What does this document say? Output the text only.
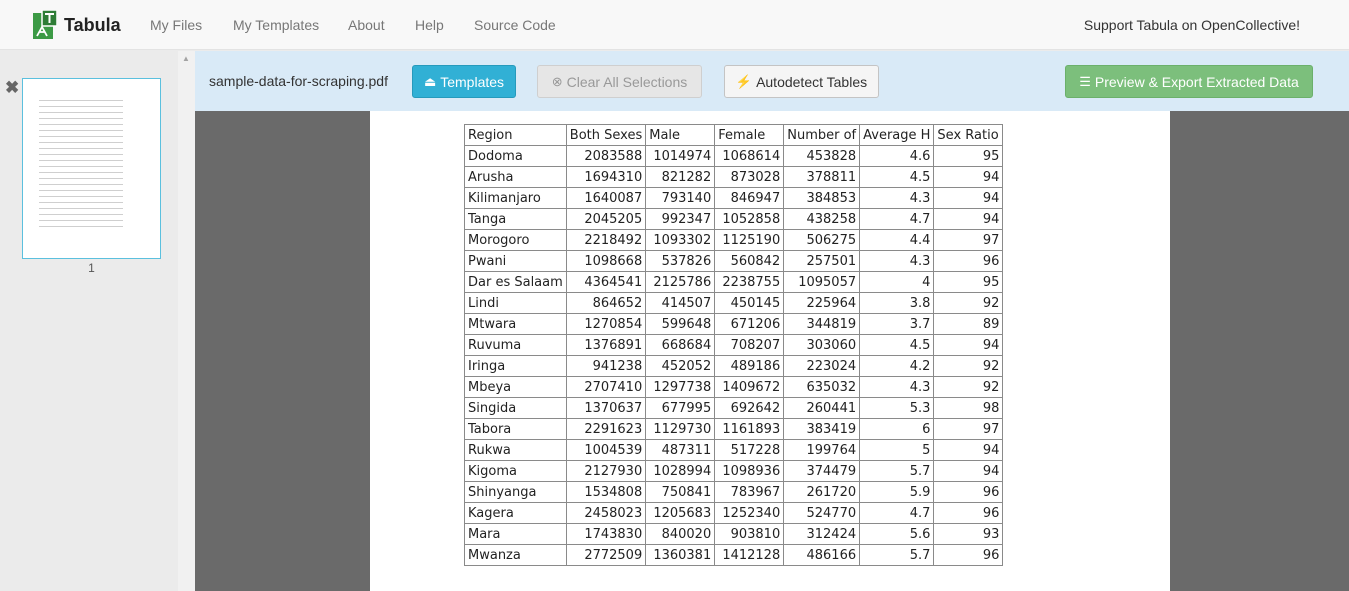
Tabula My Files My Templates About Help Source Code	Support Tabula on OpenCollective!
✖
1
▲
sample-data-for-scraping.pdf	⏏ Templates	⊗ Clear All Selections	⚡ Autodetect Tables	☰ Preview & Export Extracted Data
Region	Both Sexes	Male	Female	Number of	Average H	Sex Ratio
Dodoma	2083588	1014974	1068614	453828	4.6	95
Arusha	1694310	821282	873028	378811	4.5	94
Kilimanjaro	1640087	793140	846947	384853	4.3	94
Tanga	2045205	992347	1052858	438258	4.7	94
Morogoro	2218492	1093302	1125190	506275	4.4	97
Pwani	1098668	537826	560842	257501	4.3	96
Dar es Salaam	4364541	2125786	2238755	1095057	4	95
Lindi	864652	414507	450145	225964	3.8	92
Mtwara	1270854	599648	671206	344819	3.7	89
Ruvuma	1376891	668684	708207	303060	4.5	94
Iringa	941238	452052	489186	223024	4.2	92
Mbeya	2707410	1297738	1409672	635032	4.3	92
Singida	1370637	677995	692642	260441	5.3	98
Tabora	2291623	1129730	1161893	383419	6	97
Rukwa	1004539	487311	517228	199764	5	94
Kigoma	2127930	1028994	1098936	374479	5.7	94
Shinyanga	1534808	750841	783967	261720	5.9	96
Kagera	2458023	1205683	1252340	524770	4.7	96
Mara	1743830	840020	903810	312424	5.6	93
Mwanza	2772509	1360381	1412128	486166	5.7	96
